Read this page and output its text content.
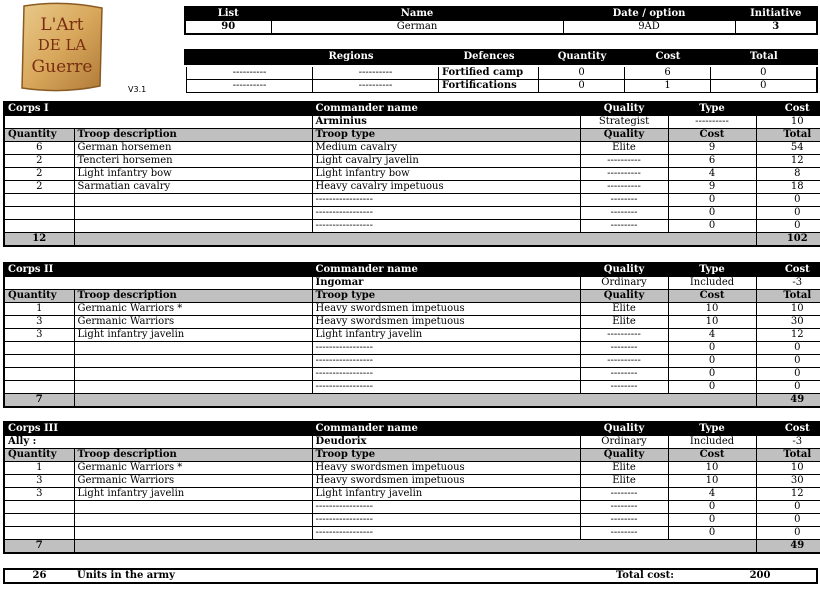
L'Art
DE LA
Guerre
V3.1
List	Name	Date / option	Initiative
90	German	9AD	3
	Regions	Defences	Quantity	Cost	Total
----------	----------	Fortified camp	0	6	0
----------	----------	Fortifications	0	1	0
Corps I		Commander name	Quality	Type	Cost
		Arminius	Strategist	----------	10
Quantity	Troop description	Troop type	Quality	Cost	Total
6	German horsemen	Medium cavalry	Elite	9	54
2	Tencteri horsemen	Light cavalry javelin	----------	6	12
2	Light infantry bow	Light infantry bow	----------	4	8
2	Sarmatian cavalry	Heavy cavalry impetuous	----------	9	18
		-----------------	--------	0	0
		-----------------	--------	0	0
		-----------------	--------	0	0
12					102
Corps II		Commander name	Quality	Type	Cost
		Ingomar	Ordinary	Included	-3
Quantity	Troop description	Troop type	Quality	Cost	Total
1	Germanic Warriors *	Heavy swordsmen impetuous	Elite	10	10
3	Germanic Warriors	Heavy swordsmen impetuous	Elite	10	30
3	Light infantry javelin	Light infantry javelin	----------	4	12
		-----------------	--------	0	0
		-----------------	----------	0	0
		-----------------	--------	0	0
		-----------------	--------	0	0
7					49
Corps III		Commander name	Quality	Type	Cost
Ally :		Deudorix	Ordinary	Included	-3
Quantity	Troop description	Troop type	Quality	Cost	Total
1	Germanic Warriors *	Heavy swordsmen impetuous	Elite	10	10
3	Germanic Warriors	Heavy swordsmen impetuous	Elite	10	30
3	Light infantry javelin	Light infantry javelin	--------	4	12
		-----------------	--------	0	0
		-----------------	--------	0	0
		-----------------	--------	0	0
7					49
26	Units in the army	Total cost:	200
